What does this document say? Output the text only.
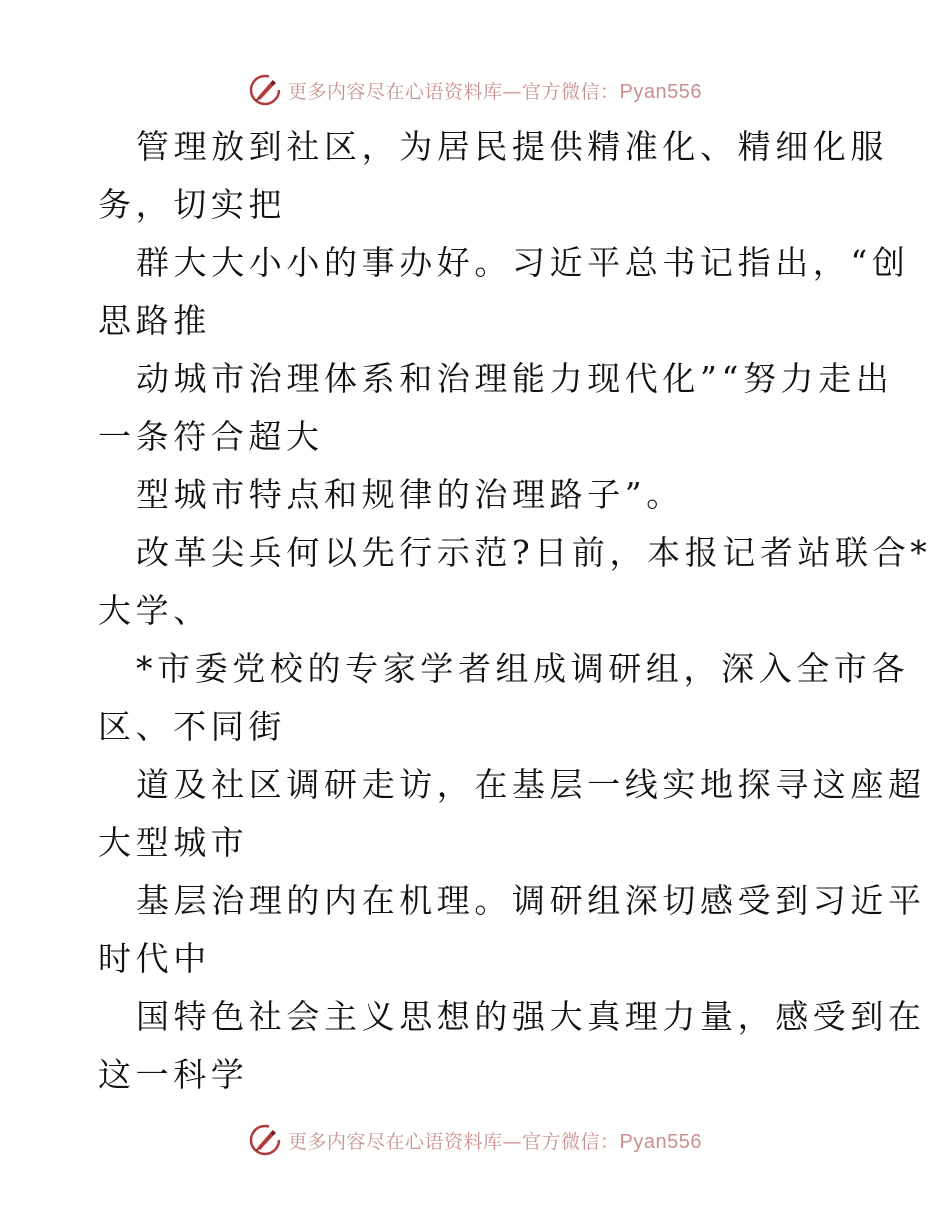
更多内容尽在心语资料库—官方微信：Pyan556
管理放到社区，为居民提供精准化、精细化服
务，切实把
群大大小小的事办好。习近平总书记指出，“创
思路推
动城市治理体系和治理能力现代化”“努力走出
一条符合超大
型城市特点和规律的治理路子”。
改革尖兵何以先行示范?日前，本报记者站联合*
大学、
*市委党校的专家学者组成调研组，深入全市各
区、不同街
道及社区调研走访，在基层一线实地探寻这座超
大型城市
基层治理的内在机理。调研组深切感受到习近平
时代中
国特色社会主义思想的强大真理力量，感受到在
这一科学
更多内容尽在心语资料库—官方微信：Pyan556
